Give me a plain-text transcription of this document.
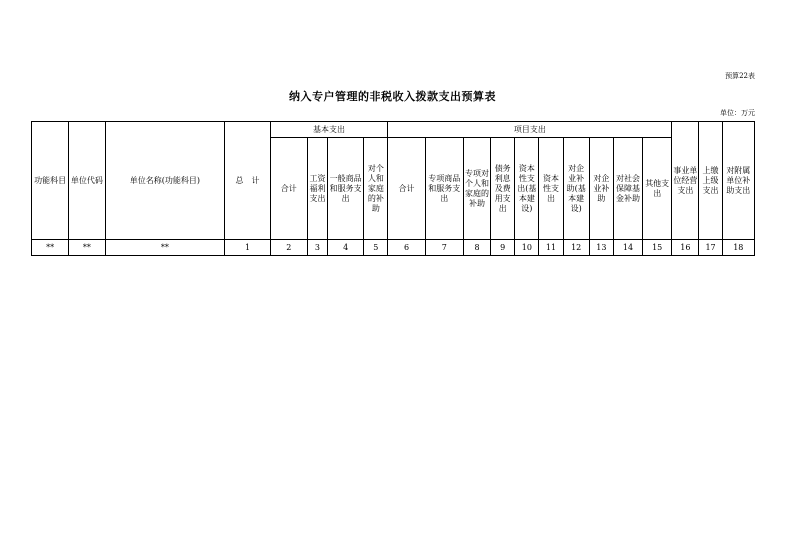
预算22表
纳入专户管理的非税收入拨款支出预算表
单位：万元
功能科目	单位代码	单位名称(功能科目)	总　计	基本支出				项目支出										事业单位经营支出	上缴上级支出	对附属单位补助支出
				合计	工资福利支出	一般商品和服务支出	对个人和家庭的补助	合计	专项商品和服务支出	专项对个人和家庭的补助	债务利息及费用支出	资本性支出(基本建设)	资本性支出	对企业补助(基本建设)	对企业补助	对社会保障基金补助	其他支出			
**	**	**	1	2	3	4	5	6	7	8	9	10	11	12	13	14	15	16	17	18
